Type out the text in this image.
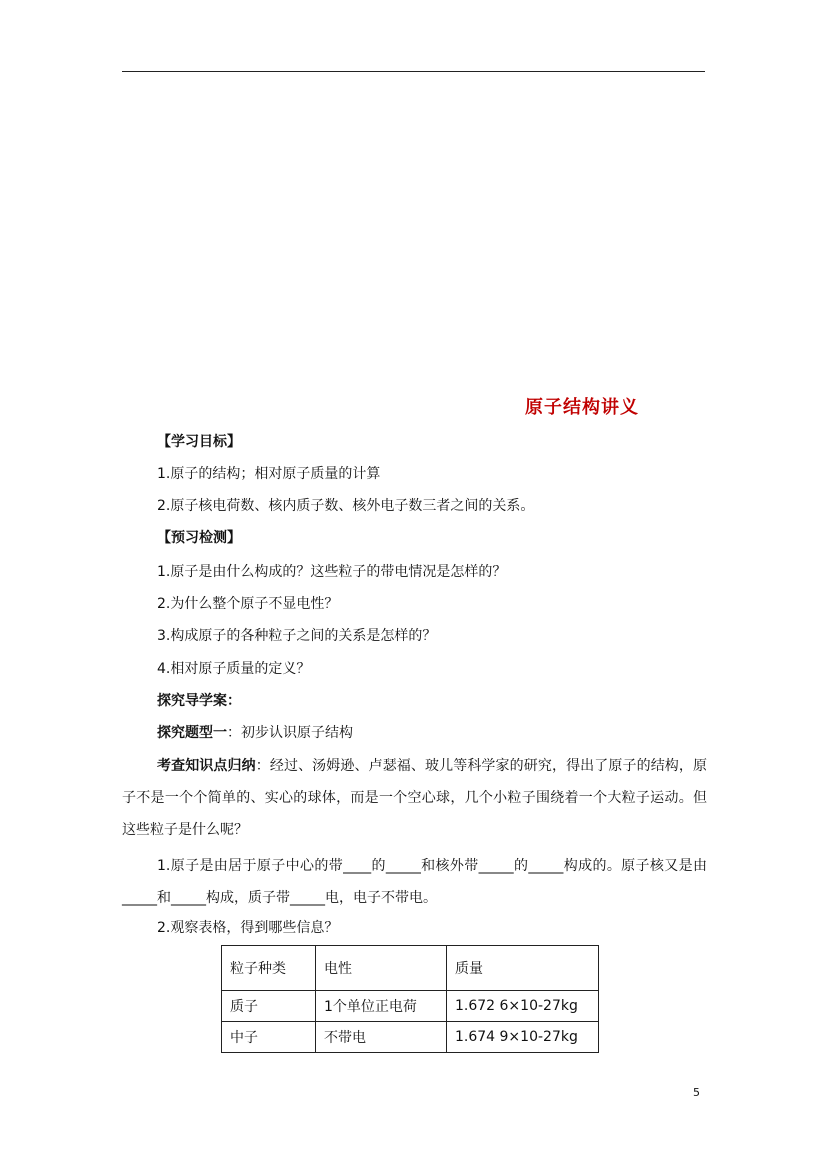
原子结构讲义
【学习目标】
1.原子的结构；相对原子质量的计算
2.原子核电荷数、核内质子数、核外电子数三者之间的关系。
【预习检测】
1.原子是由什么构成的？这些粒子的带电情况是怎样的？
2.为什么整个原子不显电性？
3.构成原子的各种粒子之间的关系是怎样的？
4.相对原子质量的定义？
探究导学案：
探究题型一：初步认识原子结构
考查知识点归纳：经过、汤姆逊、卢瑟福、玻儿等科学家的研究，得出了原子的结构，原子不是一个个简单的、实心的球体，而是一个空心球，几个小粒子围绕着一个大粒子运动。但这些粒子是什么呢？
1.原子是由居于原子中心的带____的_____和核外带_____的_____构成的。原子核又是由_____和_____构成，质子带_____电，电子不带电。
2.观察表格，得到哪些信息？
粒子种类	电性	质量
质子	1个单位正电荷	1.672 6×10-27kg
中子	不带电	1.674 9×10-27kg
5
